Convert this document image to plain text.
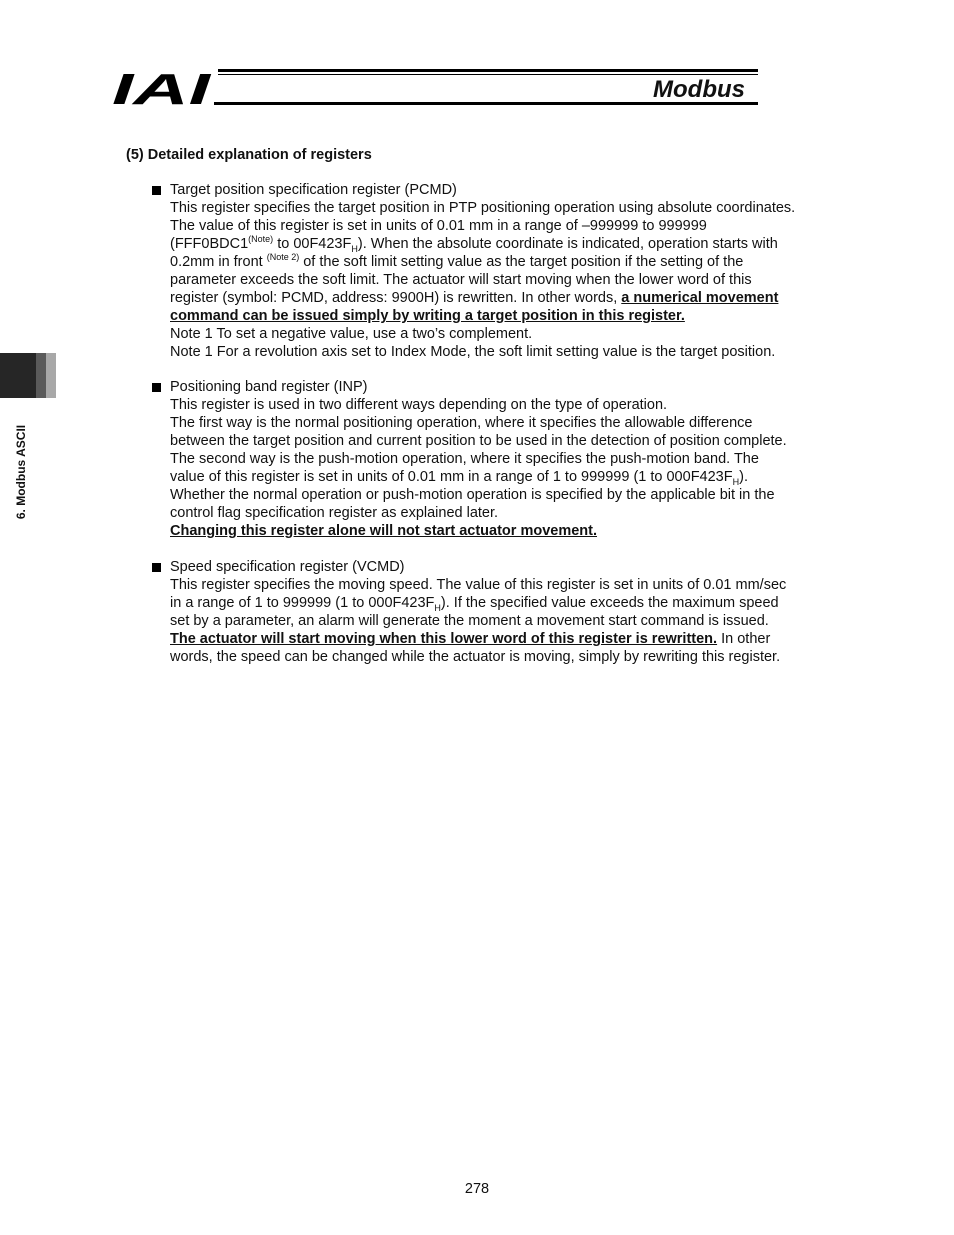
IAI	Modbus
6. Modbus ASCII
(5) Detailed explanation of registers
Target position specification register (PCMD)
This register specifies the target position in PTP positioning operation using absolute coordinates.
The value of this register is set in units of 0.01 mm in a range of –999999 to 999999
($FFF0BDC1^{(Note)}$ to $00F423F_H$). When the absolute coordinate is indicated, operation starts with
0.2mm in front $^{(Note 2)}$ of the soft limit setting value as the target position if the setting of the
parameter exceeds the soft limit. The actuator will start moving when the lower word of this
register (symbol: PCMD, address: 9900H) is rewritten. In other words, a numerical movement
command can be issued simply by writing a target position in this register.
Note 1 To set a negative value, use a two’s complement.
Note 1 For a revolution axis set to Index Mode, the soft limit setting value is the target position.
Positioning band register (INP)
This register is used in two different ways depending on the type of operation.
The first way is the normal positioning operation, where it specifies the allowable difference
between the target position and current position to be used in the detection of position complete.
The second way is the push-motion operation, where it specifies the push-motion band. The
value of this register is set in units of 0.01 mm in a range of 1 to 999999 (1 to $000F423F_H$).
Whether the normal operation or push-motion operation is specified by the applicable bit in the
control flag specification register as explained later.
Changing this register alone will not start actuator movement.
Speed specification register (VCMD)
This register specifies the moving speed. The value of this register is set in units of 0.01 mm/sec
in a range of 1 to 999999 (1 to $000F423F_H$). If the specified value exceeds the maximum speed
set by a parameter, an alarm will generate the moment a movement start command is issued.
The actuator will start moving when this lower word of this register is rewritten. In other
words, the speed can be changed while the actuator is moving, simply by rewriting this register.
278
